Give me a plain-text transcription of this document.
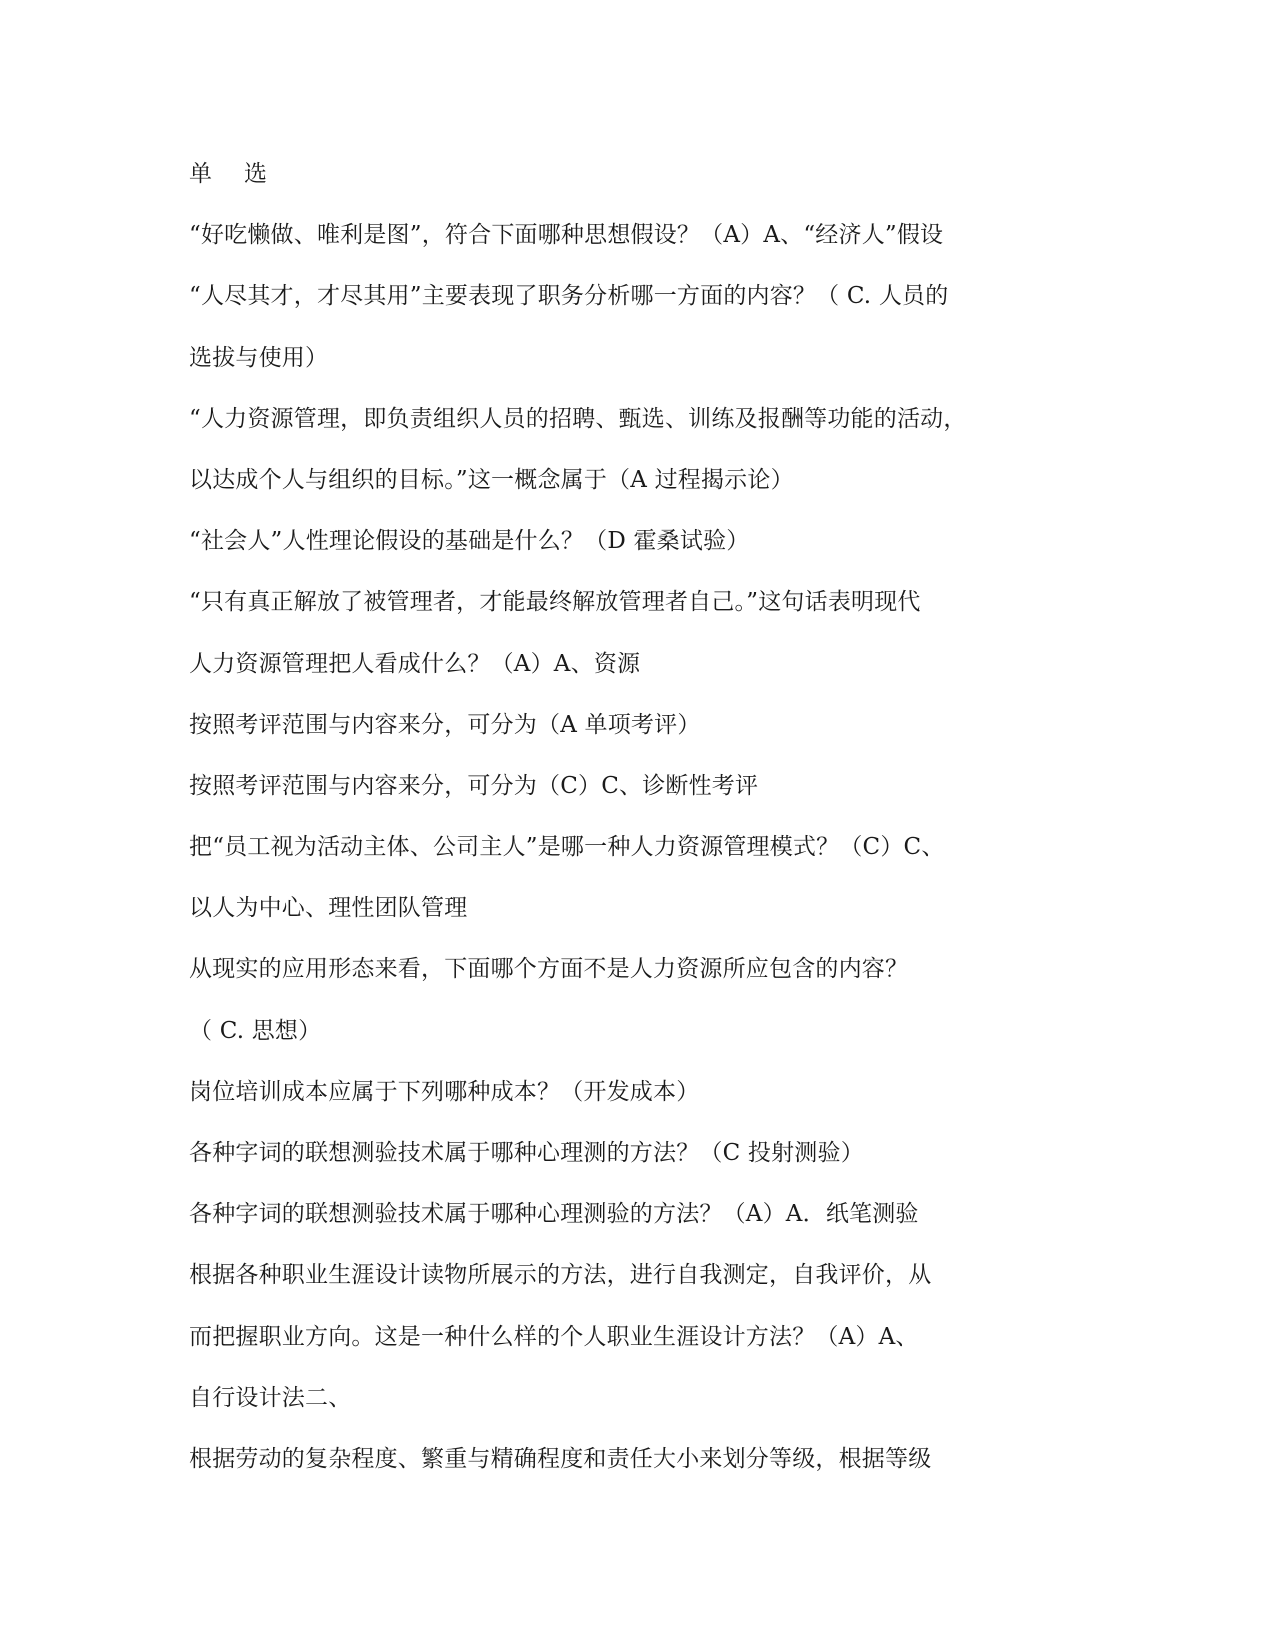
单 选
“好吃懒做、唯利是图”，符合下面哪种思想假设？（A）A、“经济人”假设
“人尽其才，才尽其用”主要表现了职务分析哪一方面的内容？（ C. 人员的
选拔与使用）
“人力资源管理，即负责组织人员的招聘、甄选、训练及报酬等功能的活动，
以达成个人与组织的目标。”这一概念属于（A 过程揭示论）
“社会人”人性理论假设的基础是什么？（D 霍桑试验）
“只有真正解放了被管理者，才能最终解放管理者自己。”这句话表明现代
人力资源管理把人看成什么？（A）A、资源
按照考评范围与内容来分，可分为（A 单项考评）
按照考评范围与内容来分，可分为（C）C、诊断性考评
把“员工视为活动主体、公司主人”是哪一种人力资源管理模式？（C）C、
以人为中心、理性团队管理
从现实的应用形态来看，下面哪个方面不是人力资源所应包含的内容？
（ C. 思想）
岗位培训成本应属于下列哪种成本？（开发成本）
各种字词的联想测验技术属于哪种心理测的方法？（C 投射测验）
各种字词的联想测验技术属于哪种心理测验的方法？（A）A．纸笔测验
根据各种职业生涯设计读物所展示的方法，进行自我测定，自我评价，从
而把握职业方向。这是一种什么样的个人职业生涯设计方法？（A）A、
自行设计法二、
根据劳动的复杂程度、繁重与精确程度和责任大小来划分等级，根据等级
